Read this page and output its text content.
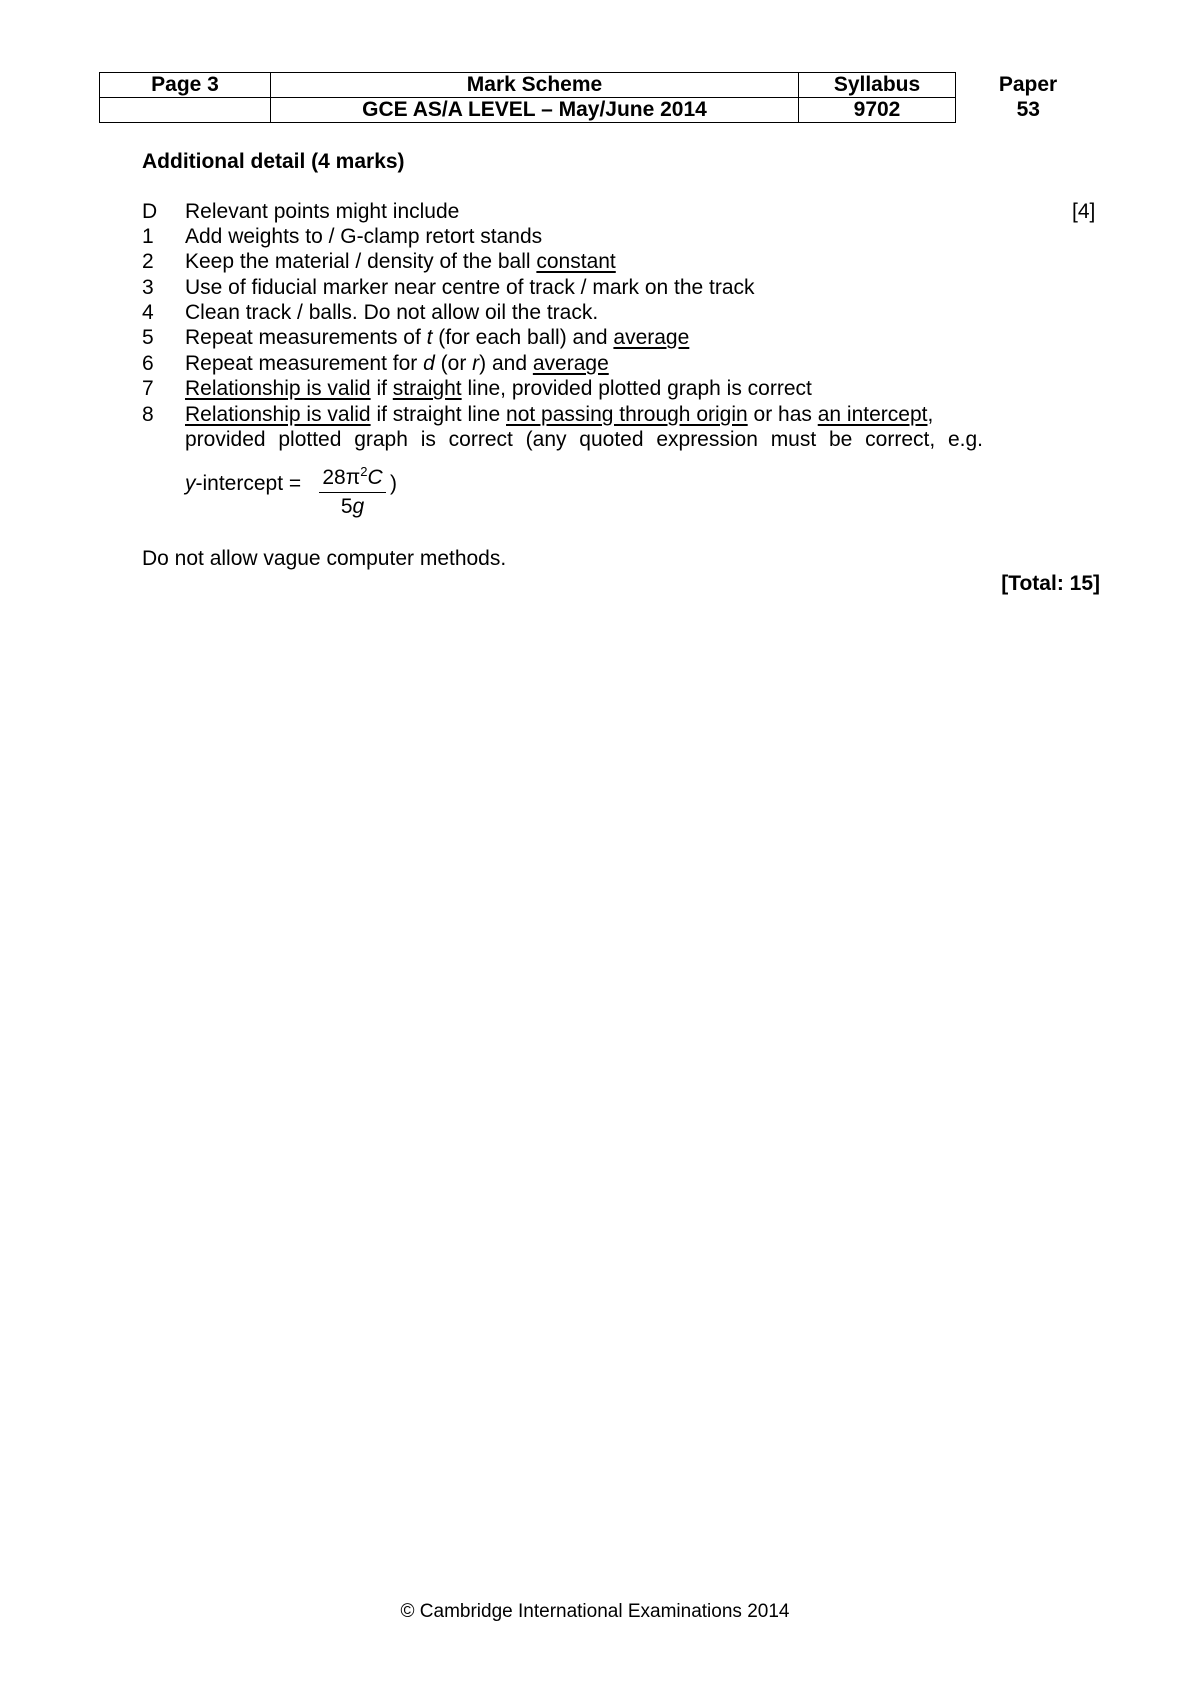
Page 3	Mark Scheme	Syllabus	Paper
	GCE AS/A LEVEL – May/June 2014	9702	53
Additional detail (4 marks)
D	Relevant points might include	[4]
1	Add weights to / G-clamp retort stands
2	Keep the material / density of the ball constant
3	Use of fiducial marker near centre of track / mark on the track
4	Clean track / balls. Do not allow oil the track.
5	Repeat measurements of t (for each ball) and average
6	Repeat measurement for d (or r) and average
7	Relationship is valid if straight line, provided plotted graph is correct
8	Relationship is valid if straight line not passing through origin or has an intercept,
provided plotted graph is correct (any quoted expression must be correct, e.g.
y-intercept = $28\pi^2C$
5g
)
Do not allow vague computer methods.
[Total: 15]
© Cambridge International Examinations 2014
